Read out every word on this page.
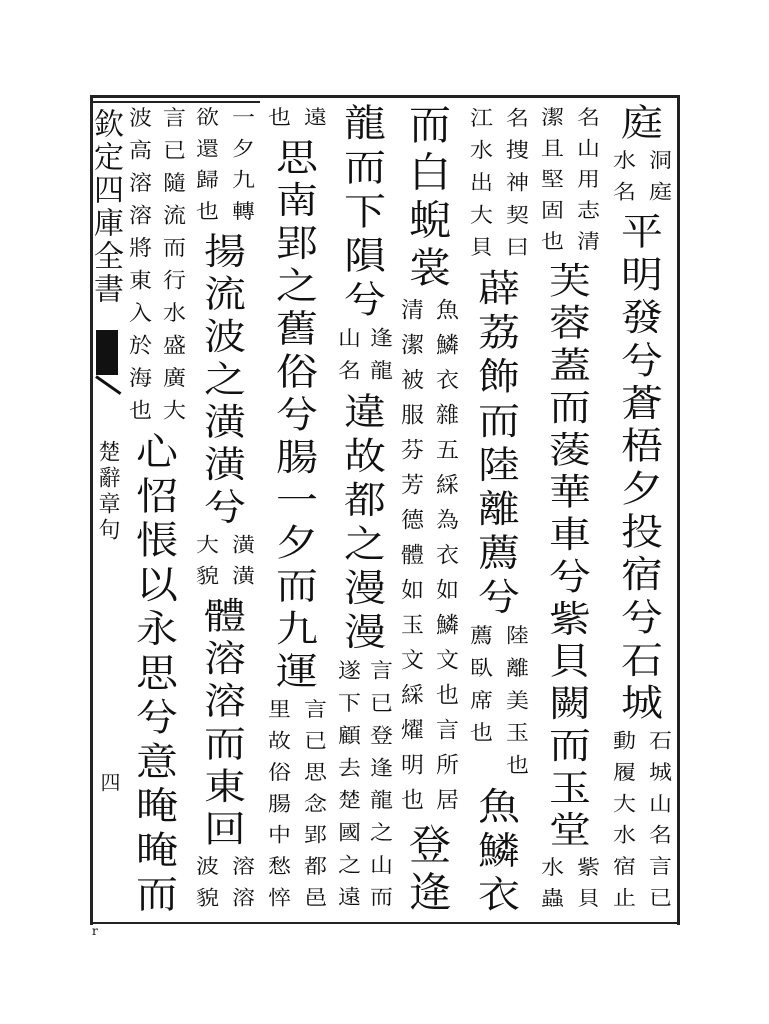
欽定四庫全書
楚辭章句
四
r
庭
洞庭
水名
平明發兮蒼梧夕投宿兮石城
石城山名言已
動履大水宿止
名山用志清
潔且堅固也
芙蓉蓋而蔆華車兮紫貝闕而玉堂
紫貝
水蟲
名捜神契曰
江水出大貝
薜荔飾而陸離薦兮
陸離美玉也
薦臥席也
魚鱗衣
而白蜺裳
魚鱗衣雜五綵為衣如鱗文也言所居
清潔被服芬芳德體如玉文綵燿明也
登逄
龍而下隕兮
逢龍
山名
違故都之漫漫
言已登逢龍之山而
遂下顧去楚國之遠
遠
也
思南郢之舊俗兮腸一夕而九運
言已思念郢都邑
里故俗腸中愁悴
一夕九轉
欲還歸也
揚流波之潢潢兮
潢潢
大貌
體溶溶而東回
溶溶
波貌
言已隨流而行水盛廣大
波高溶溶將東入於海也
心怊悵以永思兮意晻晻而
